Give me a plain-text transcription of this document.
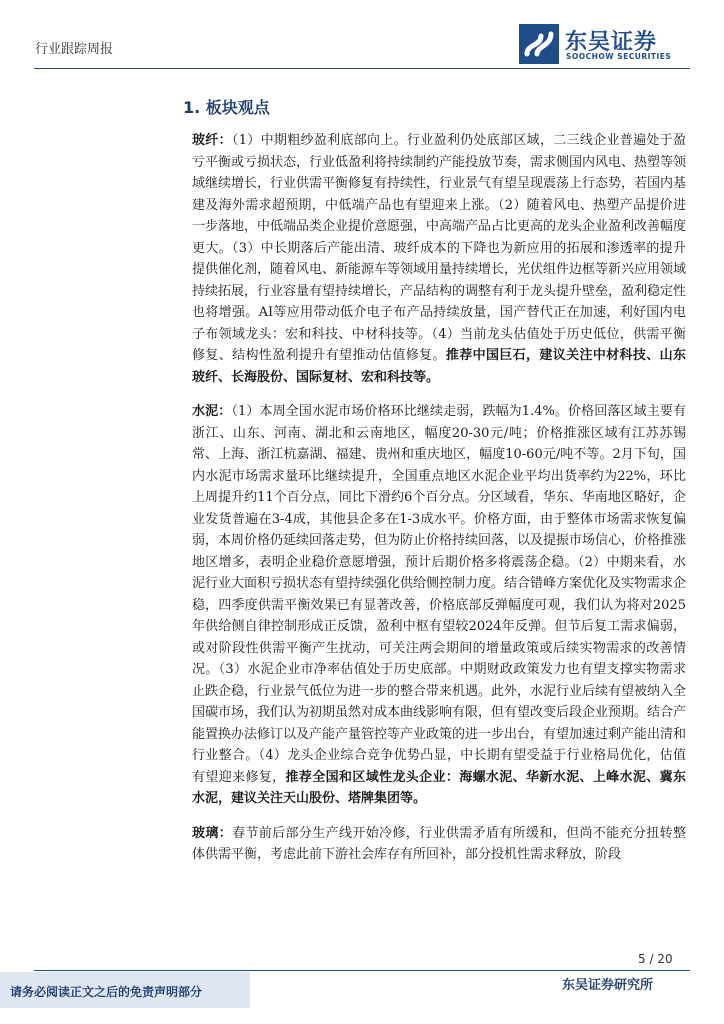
行业跟踪周报	东吴证券
SOOCHOW SECURITIES
1. 板块观点

玻纤：（1）中期粗纱盈利底部向上。行业盈利仍处底部区域，二三线企业普遍处于盈亏平衡或亏损状态，行业低盈利将持续制约产能投放节奏，需求侧国内风电、热塑等领域继续增长，行业供需平衡修复有持续性，行业景气有望呈现震荡上行态势，若国内基建及海外需求超预期，中低端产品也有望迎来上涨。（2）随着风电、热塑产品提价进一步落地，中低端品类企业提价意愿强，中高端产品占比更高的龙头企业盈利改善幅度更大。（3）中长期落后产能出清、玻纤成本的下降也为新应用的拓展和渗透率的提升提供催化剂，随着风电、新能源车等领域用量持续增长，光伏组件边框等新兴应用领域持续拓展，行业容量有望持续增长，产品结构的调整有利于龙头提升壁垒，盈利稳定性也将增强。AI等应用带动低介电子布产品持续放量，国产替代正在加速，利好国内电子布领域龙头：宏和科技、中材科技等。（4）当前龙头估值处于历史低位，供需平衡修复、结构性盈利提升有望推动估值修复。推荐中国巨石，建议关注中材科技、山东玻纤、长海股份、国际复材、宏和科技等。

水泥：（1）本周全国水泥市场价格环比继续走弱，跌幅为1.4%。价格回落区域主要有浙江、山东、河南、湖北和云南地区，幅度20-30元/吨；价格推涨区域有江苏苏锡常、上海、浙江杭嘉湖、福建、贵州和重庆地区，幅度10-60元/吨不等。2月下旬，国内水泥市场需求量环比继续提升，全国重点地区水泥企业平均出货率约为22%，环比上周提升约11个百分点，同比下滑约6个百分点。分区域看，华东、华南地区略好，企业发货普遍在3-4成，其他县企多在1-3成水平。价格方面，由于整体市场需求恢复偏弱，本周价格仍延续回落走势，但为防止价格持续回落，以及提振市场信心，价格推涨地区增多，表明企业稳价意愿增强，预计后期价格多将震荡企稳。（2）中期来看，水泥行业大面积亏损状态有望持续强化供给侧控制力度。结合错峰方案优化及实物需求企稳，四季度供需平衡效果已有显著改善，价格底部反弹幅度可观，我们认为将对2025年供给侧自律控制形成正反馈，盈利中枢有望较2024年反弹。但节后复工需求偏弱，或对阶段性供需平衡产生扰动，可关注两会期间的增量政策或后续实物需求的改善情况。（3）水泥企业市净率估值处于历史底部。中期财政政策发力也有望支撑实物需求止跌企稳，行业景气低位为进一步的整合带来机遇。此外，水泥行业后续有望被纳入全国碳市场，我们认为初期虽然对成本曲线影响有限，但有望改变后段企业预期。结合产能置换办法修订以及产能产量管控等产业政策的进一步出台，有望加速过剩产能出清和行业整合。（4）龙头企业综合竞争优势凸显，中长期有望受益于行业格局优化，估值有望迎来修复，推荐全国和区域性龙头企业：海螺水泥、华新水泥、上峰水泥、冀东水泥，建议关注天山股份、塔牌集团等。

玻璃：春节前后部分生产线开始冷修，行业供需矛盾有所缓和，但尚不能充分扭转整体供需平衡，考虑此前下游社会库存有所回补，部分投机性需求释放，阶段

5 / 20
请务必阅读正文之后的免责声明部分	东吴证券研究所
